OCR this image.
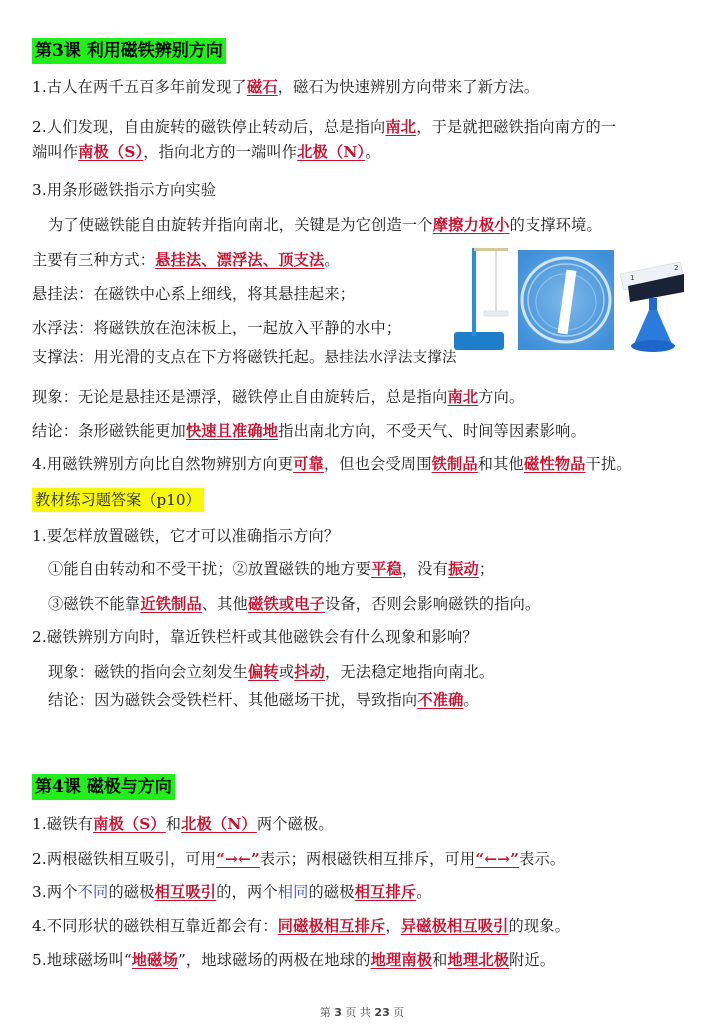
第3课 利用磁铁辨别方向
1.古人在两千五百多年前发现了磁石，磁石为快速辨别方向带来了新方法。
2.人们发现，自由旋转的磁铁停止转动后，总是指向南北，于是就把磁铁指向南方的一
端叫作南极（S），指向北方的一端叫作北极（N）。
3.用条形磁铁指示方向实验
为了使磁铁能自由旋转并指向南北，关键是为它创造一个摩擦力极小的支撑环境。
主要有三种方式：悬挂法、漂浮法、顶支法。
悬挂法：在磁铁中心系上细线，将其悬挂起来；
水浮法：将磁铁放在泡沫板上，一起放入平静的水中；
支撑法：用光滑的支点在下方将磁铁托起。悬挂法水浮法支撑法
1
2
现象：无论是悬挂还是漂浮，磁铁停止自由旋转后，总是指向南北方向。
结论：条形磁铁能更加快速且准确地指出南北方向，不受天气、时间等因素影响。
4.用磁铁辨别方向比自然物辨别方向更可靠，但也会受周围铁制品和其他磁性物品干扰。
教材练习题答案（p10）
1.要怎样放置磁铁，它才可以准确指示方向？
①能自由转动和不受干扰；②放置磁铁的地方要平稳，没有振动；
③磁铁不能靠近铁制品、其他磁铁或电子设备，否则会影响磁铁的指向。
2.磁铁辨别方向时，靠近铁栏杆或其他磁铁会有什么现象和影响？
现象：磁铁的指向会立刻发生偏转或抖动，无法稳定地指向南北。
结论：因为磁铁会受铁栏杆、其他磁场干扰，导致指向不准确。
第4课 磁极与方向
1.磁铁有南极（S）和北极（N）两个磁极。
2.两根磁铁相互吸引，可用“→←”表示；两根磁铁相互排斥，可用“←→”表示。
3.两个不同的磁极相互吸引的，两个相同的磁极相互排斥。
4.不同形状的磁铁相互靠近都会有：同磁极相互排斥，异磁极相互吸引的现象。
5.地球磁场叫“地磁场”，地球磁场的两极在地球的地理南极和地理北极附近。
第 3 页 共 23 页
